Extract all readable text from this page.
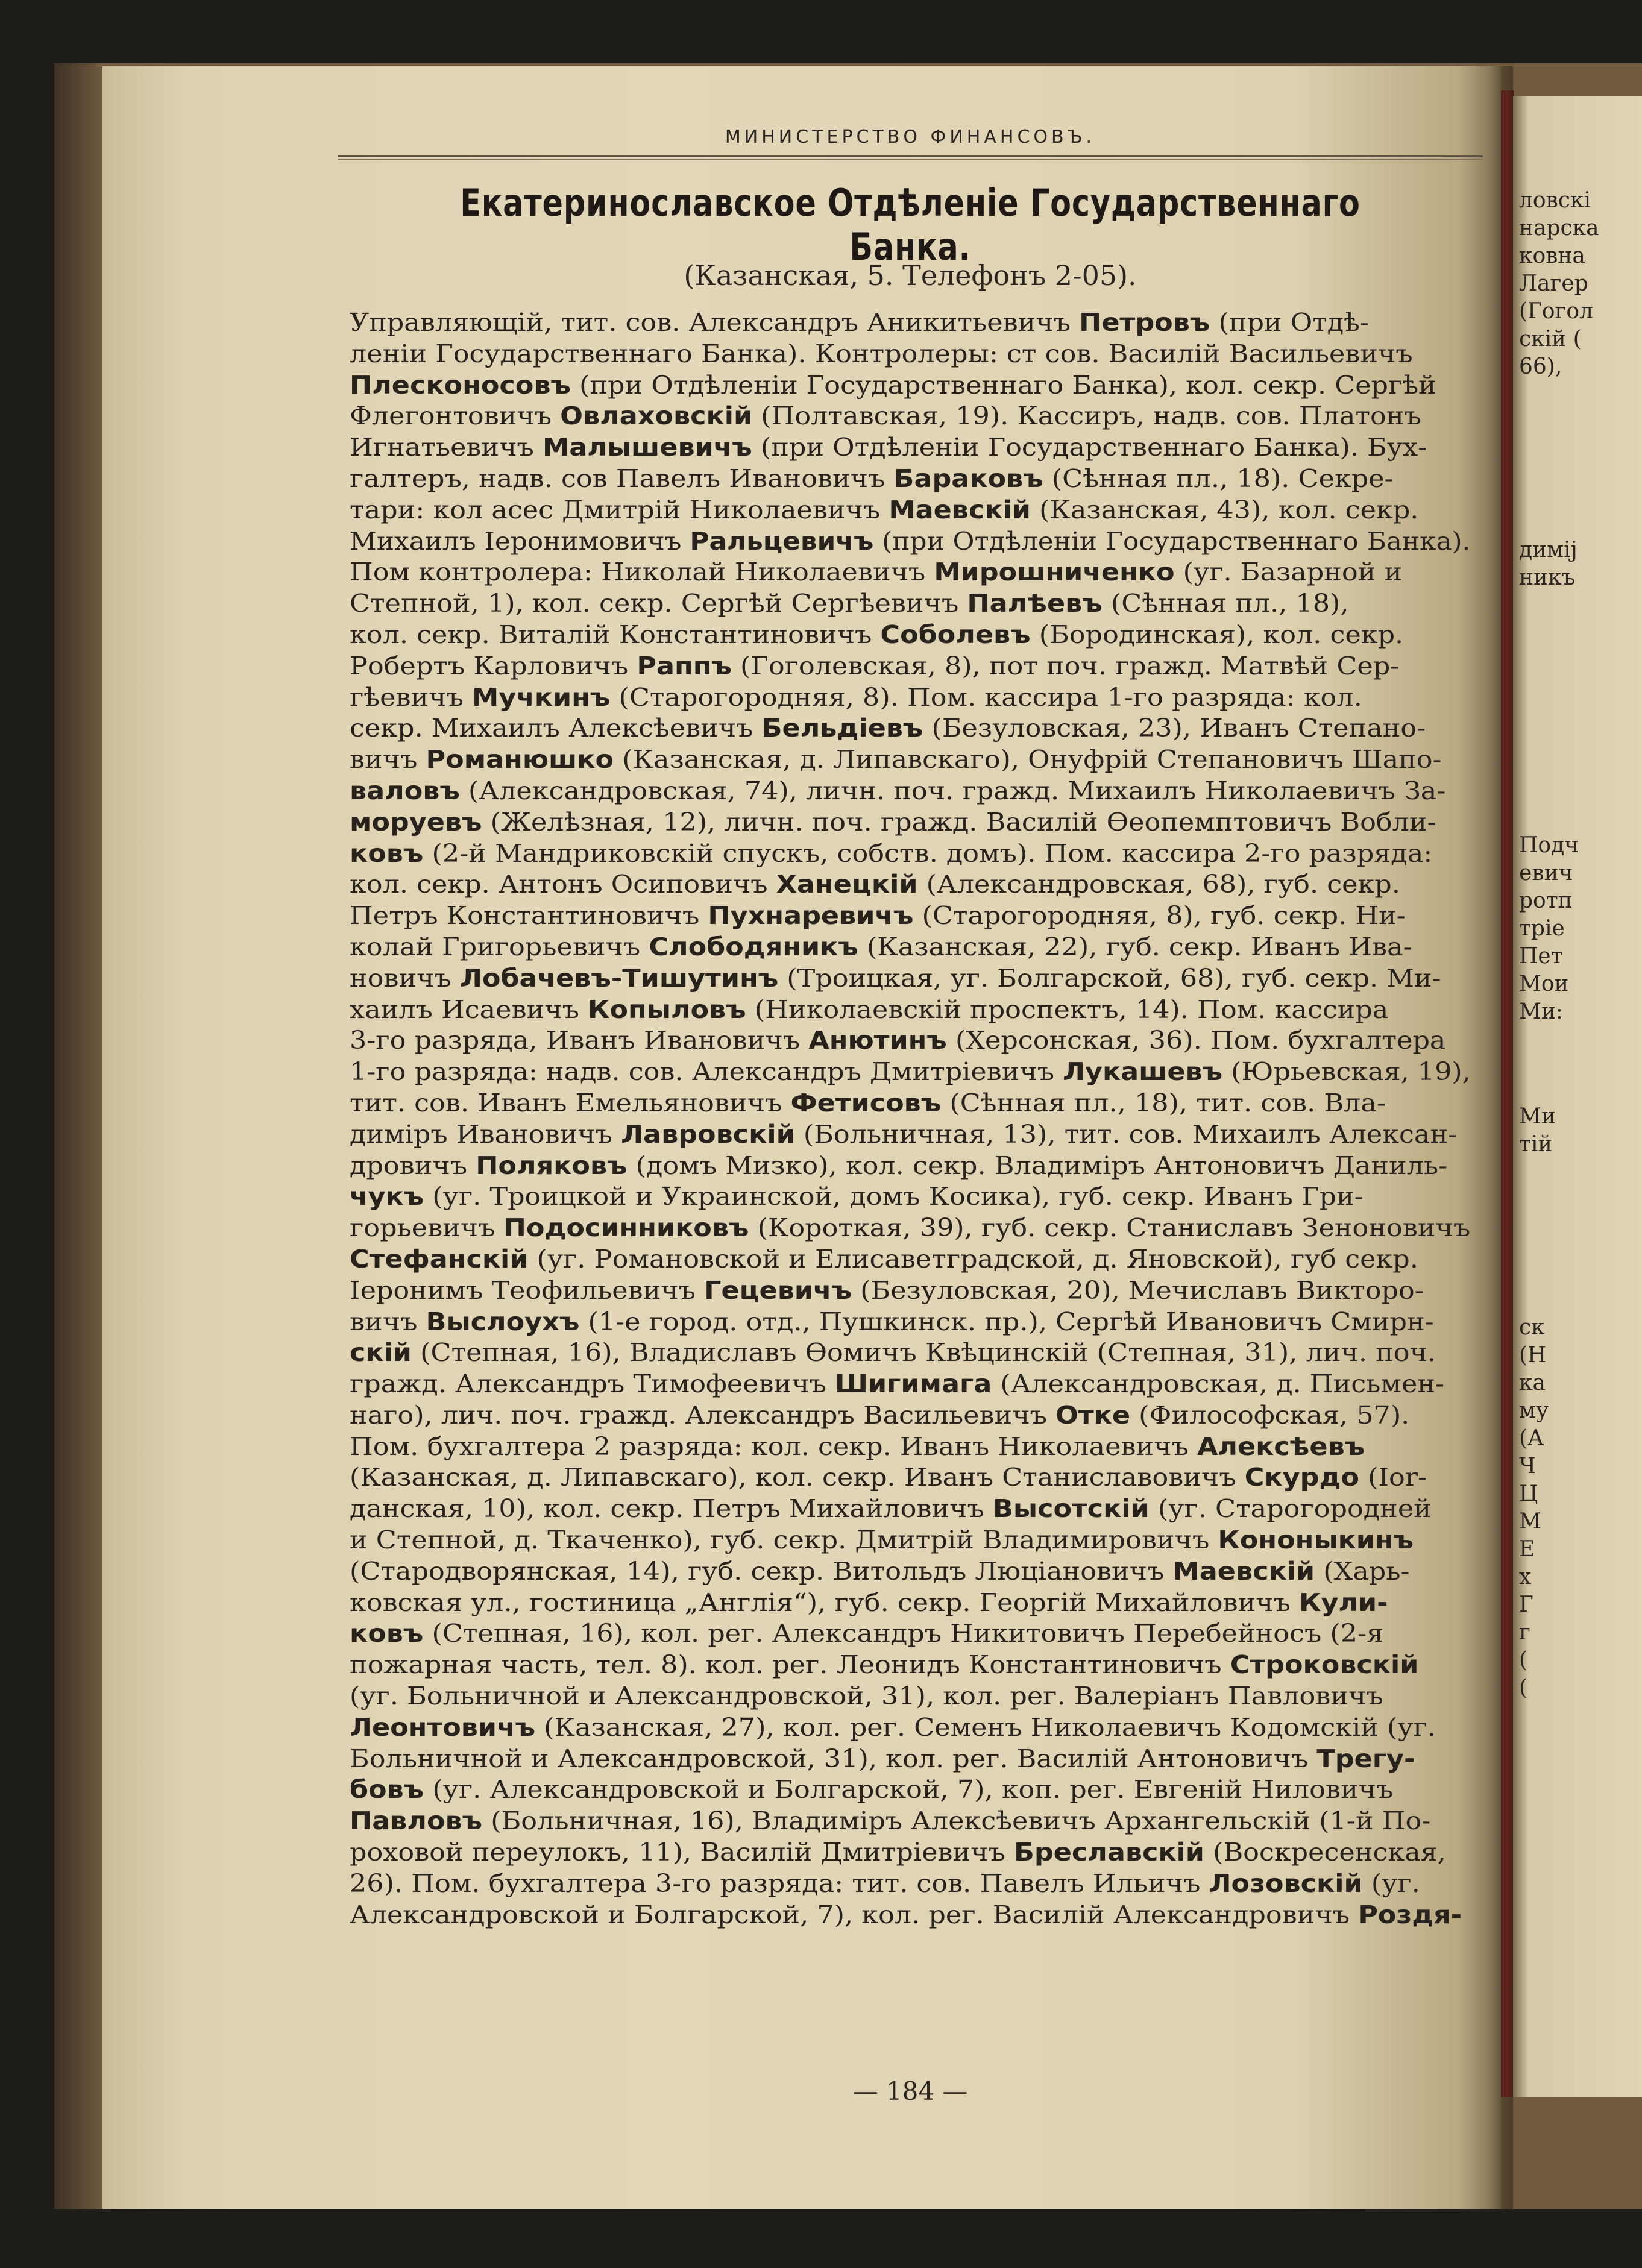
ловскі
нарска
ковна
Лагер
(Гогол
скій (
66),
диміј
никъ
Подч
евич
ротп
тріе
Пет
Мои
Ми:
Ми
тій
ск
(Н
ка
му
(А
Ч
Ц
М
Е
х
Г
г
(
(
МИНИСТЕРСТВО ФИНАНСОВЪ.
Екатеринославское Отдѣленіе Государственнаго Банка.
(Казанская, 5. Телефонъ 2-05).
Управляющій, тит. сов. Александръ Аникитьевичъ Петровъ (при Отдѣ-
леніи Государственнаго Банка). Контролеры: ст сов. Василій Васильевичъ
Плесконосовъ (при Отдѣленіи Государственнаго Банка), кол. секр. Сергѣй
Флегонтовичъ Овлаховскій (Полтавская, 19). Кассиръ, надв. сов. Платонъ
Игнатьевичъ Малышевичъ (при Отдѣленіи Государственнаго Банка). Бух-
галтеръ, надв. сов Павелъ Ивановичъ Бараковъ (Сѣнная пл., 18). Секре-
тари: кол асес Дмитрій Николаевичъ Маевскій (Казанская, 43), кол. секр.
Михаилъ Іеронимовичъ Ральцевичъ (при Отдѣленіи Государственнаго Банка).
Пом контролера: Николай Николаевичъ Мирошниченко (уг. Базарной и
Степной, 1), кол. секр. Сергѣй Сергѣевичъ Палѣевъ (Сѣнная пл., 18),
кол. секр. Виталій Константиновичъ Соболевъ (Бородинская), кол. секр.
Робертъ Карловичъ Раппъ (Гоголевская, 8), пот поч. гражд. Матвѣй Сер-
гѣевичъ Мучкинъ (Старогородняя, 8). Пом. кассира 1-го разряда: кол.
секр. Михаилъ Алексѣевичъ Бельдіевъ (Безуловская, 23), Иванъ Степано-
вичъ Романюшко (Казанская, д. Липавскаго), Онуфрій Степановичъ Шапо-
валовъ (Александровская, 74), личн. поч. гражд. Михаилъ Николаевичъ За-
моруевъ (Желѣзная, 12), личн. поч. гражд. Василій Ѳеопемптовичъ Вобли-
ковъ (2-й Мандриковскій спускъ, собств. домъ). Пом. кассира 2-го разряда:
кол. секр. Антонъ Осиповичъ Ханецкій (Александровская, 68), губ. секр.
Петръ Константиновичъ Пухнаревичъ (Старогородняя, 8), губ. секр. Ни-
колай Григорьевичъ Слободяникъ (Казанская, 22), губ. секр. Иванъ Ива-
новичъ Лобачевъ-Тишутинъ (Троицкая, уг. Болгарской, 68), губ. секр. Ми-
хаилъ Исаевичъ Копыловъ (Николаевскій проспектъ, 14). Пом. кассира
3-го разряда, Иванъ Ивановичъ Анютинъ (Херсонская, 36). Пом. бухгалтера
1-го разряда: надв. сов. Александръ Дмитріевичъ Лукашевъ (Юрьевская, 19),
тит. сов. Иванъ Емельяновичъ Фетисовъ (Сѣнная пл., 18), тит. сов. Вла-
диміръ Ивановичъ Лавровскій (Больничная, 13), тит. сов. Михаилъ Алексан-
дровичъ Поляковъ (домъ Мизко), кол. секр. Владиміръ Антоновичъ Даниль-
чукъ (уг. Троицкой и Украинской, домъ Косика), губ. секр. Иванъ Гри-
горьевичъ Подосинниковъ (Короткая, 39), губ. секр. Станиславъ Зеноновичъ
Стефанскій (уг. Романовской и Елисаветградской, д. Яновской), губ секр.
Іеронимъ Теофильевичъ Гецевичъ (Безуловская, 20), Мечиславъ Викторо-
вичъ Выслоухъ (1-е город. отд., Пушкинск. пр.), Сергѣй Ивановичъ Смирн-
скій (Степная, 16), Владиславъ Ѳомичъ Квѣцинскій (Степная, 31), лич. поч.
гражд. Александръ Тимофеевичъ Шигимага (Александровская, д. Письмен-
наго), лич. поч. гражд. Александръ Васильевичъ Отке (Философская, 57).
Пом. бухгалтера 2 разряда: кол. секр. Иванъ Николаевичъ Алексѣевъ
(Казанская, д. Липавскаго), кол. секр. Иванъ Станиславовичъ Скурдо (Ior-
данская, 10), кол. секр. Петръ Михайловичъ Высотскій (уг. Старогородней
и Степной, д. Ткаченко), губ. секр. Дмитрій Владимировичъ Кононыкинъ
(Стародворянская, 14), губ. секр. Витольдъ Люціановичъ Маевскій (Харь-
ковская ул., гостиница „Англія“), губ. секр. Георгій Михайловичъ Кули-
ковъ (Степная, 16), кол. рег. Александръ Никитовичъ Перебейносъ (2-я
пожарная часть, тел. 8). кол. рег. Леонидъ Константиновичъ Строковскій
(уг. Больничной и Александровской, 31), кол. рег. Валеріанъ Павловичъ
Леонтовичъ (Казанская, 27), кол. рег. Семенъ Николаевичъ Кодомскій (уг.
Больничной и Александровской, 31), кол. рег. Василій Антоновичъ Трегу-
бовъ (уг. Александровской и Болгарской, 7), коп. рег. Евгеній Ниловичъ
Павловъ (Больничная, 16), Владиміръ Алексѣевичъ Архангельскій (1-й По-
роховой переулокъ, 11), Василій Дмитріевичъ Бреславскій (Воскресенская,
26). Пом. бухгалтера 3-го разряда: тит. сов. Павелъ Ильичъ Лозовскій (уг.
Александровской и Болгарской, 7), кол. рег. Василій Александровичъ Роздя-
— 184 —
